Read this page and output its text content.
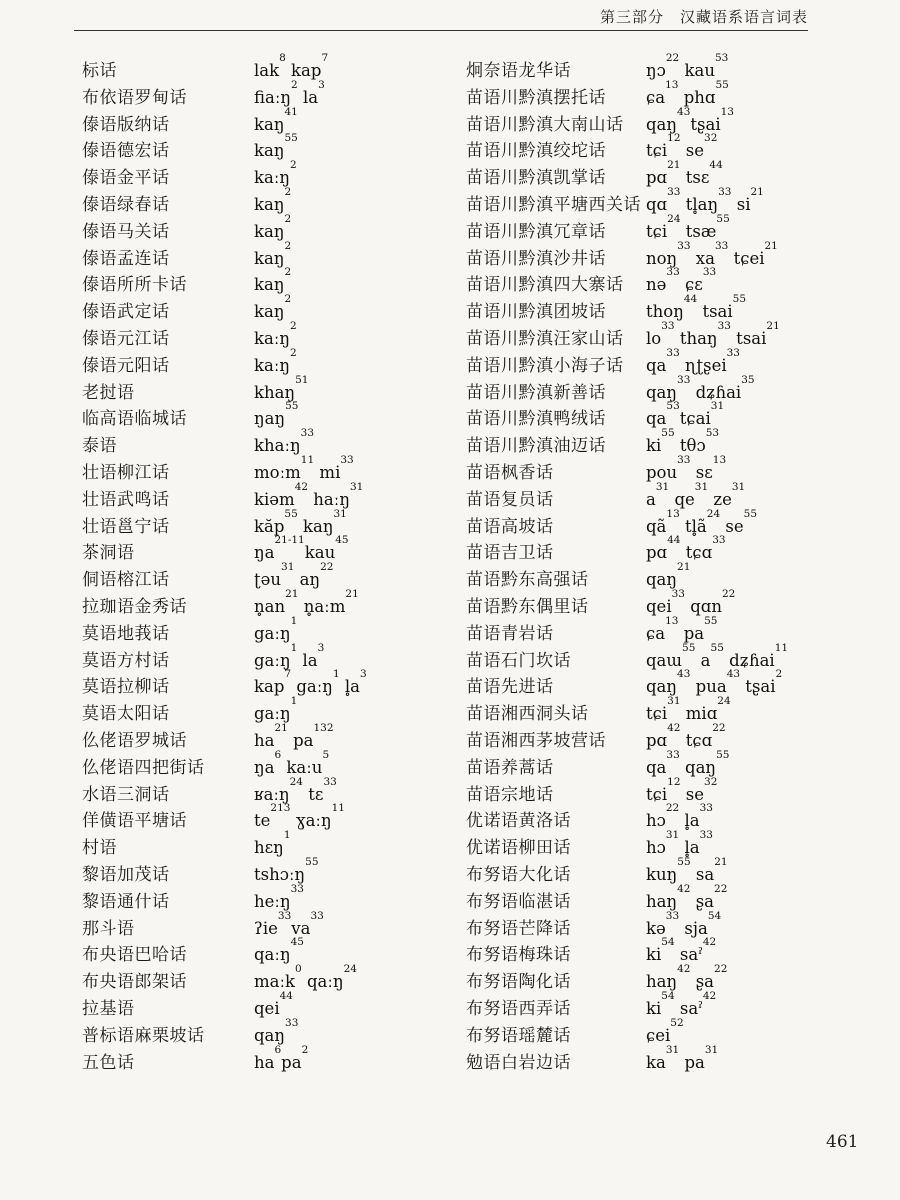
第三部分　汉藏语系语言词表
标话	lak$^8$ kap$^7$
布依语罗甸话	fiaːŋ$^2$ $la^3$
傣语版纳话	kaŋ$^{41}$
傣语德宏话	kaŋ$^{55}$
傣语金平话	kaːŋ$^2$
傣语绿春话	kaŋ$^2$
傣语马关话	kaŋ$^2$
傣语孟连话	kaŋ$^2$
傣语所所卡话	kaŋ$^2$
傣语武定话	kaŋ$^2$
傣语元江话	kaːŋ$^2$
傣语元阳话	kaːŋ$^2$
老挝语	khaŋ$^{51}$
临高语临城话	ŋaŋ$^{55}$
泰语	khaːŋ$^{33}$
壮语柳江话	moːm$^{11}$ $mi^{33}$
壮语武鸣话	kiəm$^{42}$ haːŋ$^{31}$
壮语邕宁话	kăp$^{55}$ kaŋ$^{31}$
茶洞语	$ŋa^{21-11}kau^{45}$
侗语榕江话	ʈəu$^{31}$ $aŋ^{22}$
拉珈语金秀话	$n̥an^{21}$ n̥aːm$^{21}$
莫语地莪话	gaːŋ$^1$
莫语方村话	gaːŋ$^1$ $la^3$
莫语拉柳话	kap$^7$ gaːŋ$^1$ $l̥a^3$
莫语太阳话	gaːŋ$^1$
仫佬语罗城话	$ha^{21}$ $pa^{132}$
仫佬语四把街话	$ŋa^6$ kaːu$^5$
水语三洞话	ʁaːŋ$^{24}$ tɛ$^{33}$
佯僙语平塘话	$te^{213}$ ɣaːŋ$^{11}$
村语	hɛŋ$^1$
黎语加茂话	tshɔːŋ$^{55}$
黎语通什话	heːŋ$^{33}$
那斗语	$ʔie^{33}va^{33}$
布央语巴哈话	qaːŋ$^{45}$
布央语郎架话	maːk$^0$ qaːŋ$^{24}$
拉基语	qei$^{44}$
普标语麻栗坡话	qaŋ$^{33}$
五色话	$ha^6pa^2$
炯奈语龙华话	ŋɔ$^{22}$ kau$^{53}$
苗语川黔滇摆托话 ɕa$^{13}$ phɑ$^{55}$
苗语川黔滇大南山话 qaŋ$^{43}$tʂai$^{13}$
苗语川黔滇绞坨话 tɕi$^{12}$ $se^{32}$
苗语川黔滇凯掌话 pɑ$^{21}$ tsɛ$^{44}$
苗语川黔滇平塘西关话 qɑ$^{33}$ $tl̥aŋ^{33}$ $si^{21}$
苗语川黔滇冗章话 tɕi$^{24}$ tsæ$^{55}$
苗语川黔滇沙井话 noŋ$^{33}$ $xa^{33}$ tɕei$^{21}$
苗语川黔滇四大寨话 nə$^{33}$ ɕɛ$^{33}$
苗语川黔滇团坡话 thoŋ$^{44}$ tsai$^{55}$
苗语川黔滇汪家山话 $lo^{33}$ thaŋ$^{33}$ tsai$^{21}$
苗语川黔滇小海子话 $qa^{33}$ ɳʈʂei$^{33}$
苗语川黔滇新善话 qaŋ$^{33}$ dʑɦai$^{35}$
苗语川黔滇鸭绒话 $qa^{53}tɕai^{31}$
苗语川黔滇油迈话 $ki^{55}$ tθɔ$^{53}$
苗语枫香话	pou$^{33}$ sɛ$^{13}$
苗语复员话	$a^{31}$ $qe^{31}$ $ze^{31}$
苗语高坡话	$qã^{13}$ $tl̥ã^{24}$ $se^{55}$
苗语吉卫话	pɑ$^{44}$ tɕɑ$^{33}$
苗语黔东高强话	qaŋ$^{21}$
苗语黔东偶里话	qei$^{33}$ qɑn$^{22}$
苗语青岩话	ɕa$^{13}$ $pa^{55}$
苗语石门坎话	qaɯ$^{55}$ $a^{55}$ dʑɦai$^{11}$
苗语先进话	qaŋ$^{43}$ pua$^{43}$ tʂai$^2$
苗语湘西洞头话	tɕi$^{31}$ miɑ$^{24}$
苗语湘西茅坡营话 pɑ$^{42}$ tɕɑ$^{22}$
苗语养蒿话	$qa^{33}$ qaŋ$^{55}$
苗语宗地话	tɕi$^{12}$ $se^{32}$
优诺语黄洛话	hɔ$^{22}$ $l̥a^{33}$
优诺语柳田话	hɔ$^{31}$ $l̥a^{33}$
布努语大化话	kuŋ$^{55}$ $sa^{21}$
布努语临湛话	haŋ$^{42}$ ʂa$^{22}$
布努语芒降话	kə$^{33}$ sja$^{54}$
布努语梅珠话	$ki^{54}$ saˀ$^{42}$
布努语陶化话	haŋ$^{42}$ ʂa$^{22}$
布努语西弄话	$ki^{54}$ saˀ$^{42}$
布努语瑶麓话	ɕei$^{52}$
勉语白岩边话	$ka^{31}$ $pa^{31}$
461
